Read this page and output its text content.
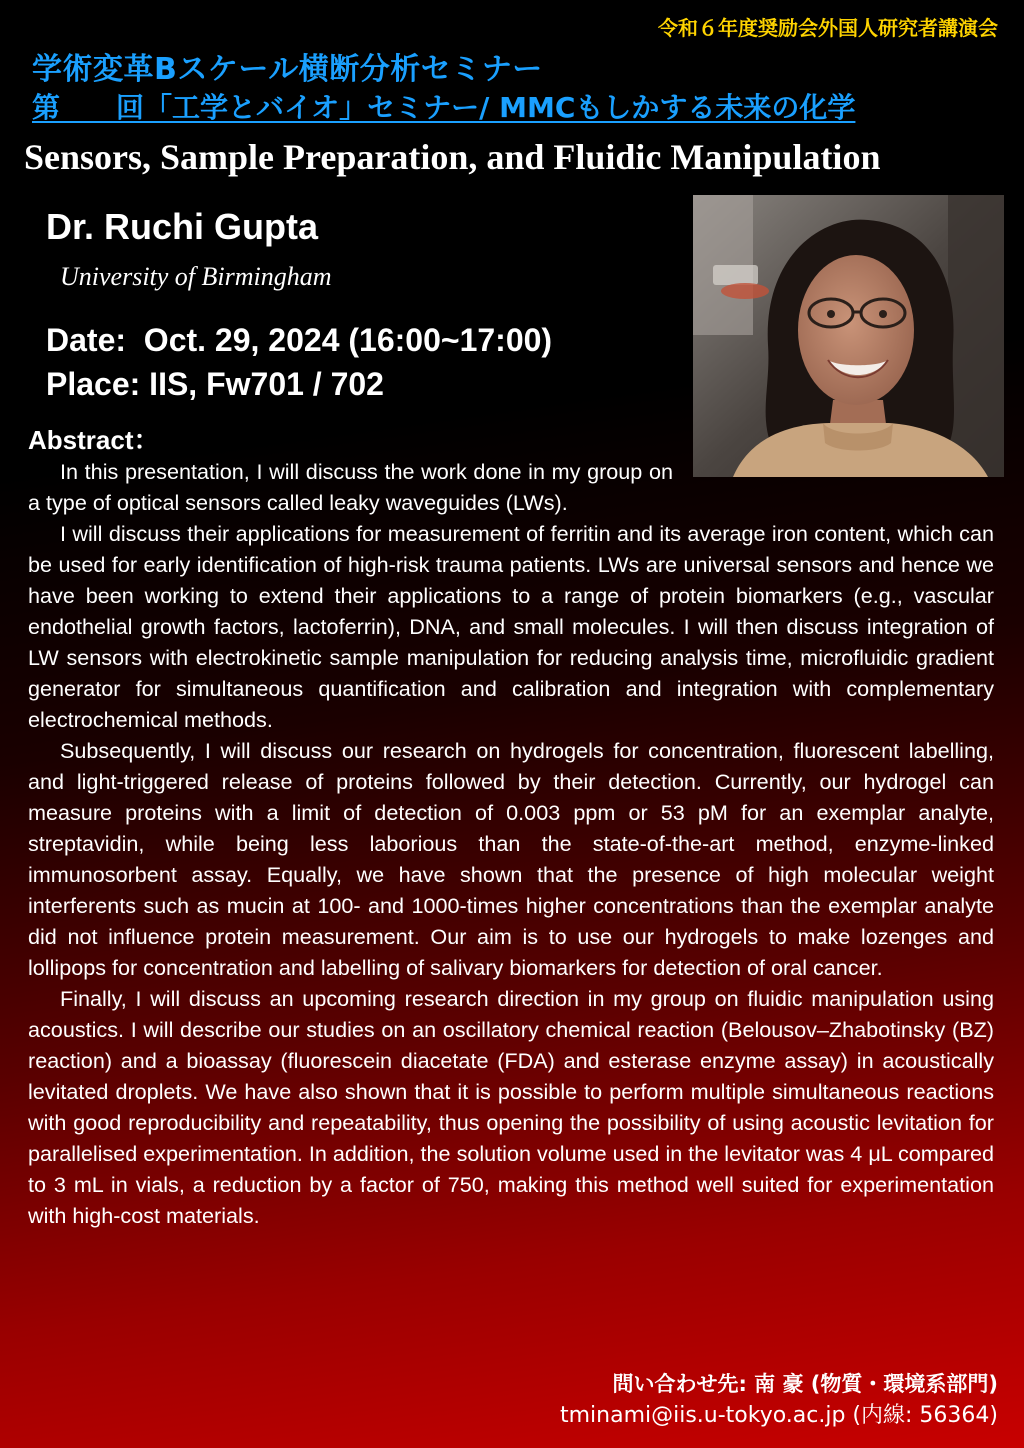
令和６年度奨励会外国人研究者講演会
学術変革Bスケール横断分析セミナー
第　　回「工学とバイオ」セミナー/ MMCもしかする未来の化学
Sensors, Sample Preparation, and Fluidic Manipulation
Dr. Ruchi Gupta
University of Birmingham
Date:  Oct. 29, 2024 (16:00~17:00)
Place: IIS, Fw701 / 702
Abstract：

In this presentation, I will discuss the work done in my group on a type of optical sensors called leaky waveguides (LWs).

I will discuss their applications for measurement of ferritin and its average iron content, which can be used for early identification of high-risk trauma patients. LWs are universal sensors and hence we have been working to extend their applications to a range of protein biomarkers (e.g., vascular endothelial growth factors, lactoferrin), DNA, and small molecules. I will then discuss integration of LW sensors with electrokinetic sample manipulation for reducing analysis time, microfluidic gradient generator for simultaneous quantification and calibration and integration with complementary electrochemical methods.

Subsequently, I will discuss our research on hydrogels for concentration, fluorescent labelling, and light-triggered release of proteins followed by their detection. Currently, our hydrogel can measure proteins with a limit of detection of 0.003 ppm or 53 pM for an exemplar analyte, streptavidin, while being less laborious than the state-of-the-art method, enzyme-linked immunosorbent assay. Equally, we have shown that the presence of high molecular weight interferents such as mucin at 100- and 1000-times higher concentrations than the exemplar analyte did not influence protein measurement. Our aim is to use our hydrogels to make lozenges and lollipops for concentration and labelling of salivary biomarkers for detection of oral cancer.

Finally, I will discuss an upcoming research direction in my group on fluidic manipulation using acoustics. I will describe our studies on an oscillatory chemical reaction (Belousov–Zhabotinsky (BZ) reaction) and a bioassay (fluorescein diacetate (FDA) and esterase enzyme assay) in acoustically levitated droplets. We have also shown that it is possible to perform multiple simultaneous reactions with good reproducibility and repeatability, thus opening the possibility of using acoustic levitation for parallelised experimentation. In addition, the solution volume used in the levitator was 4 μL compared to 3 mL in vials, a reduction by a factor of 750, making this method well suited for experimentation with high-cost materials.

問い合わせ先: 南 豪 (物質・環境系部門)
tminami@iis.u-tokyo.ac.jp (内線: 56364)
